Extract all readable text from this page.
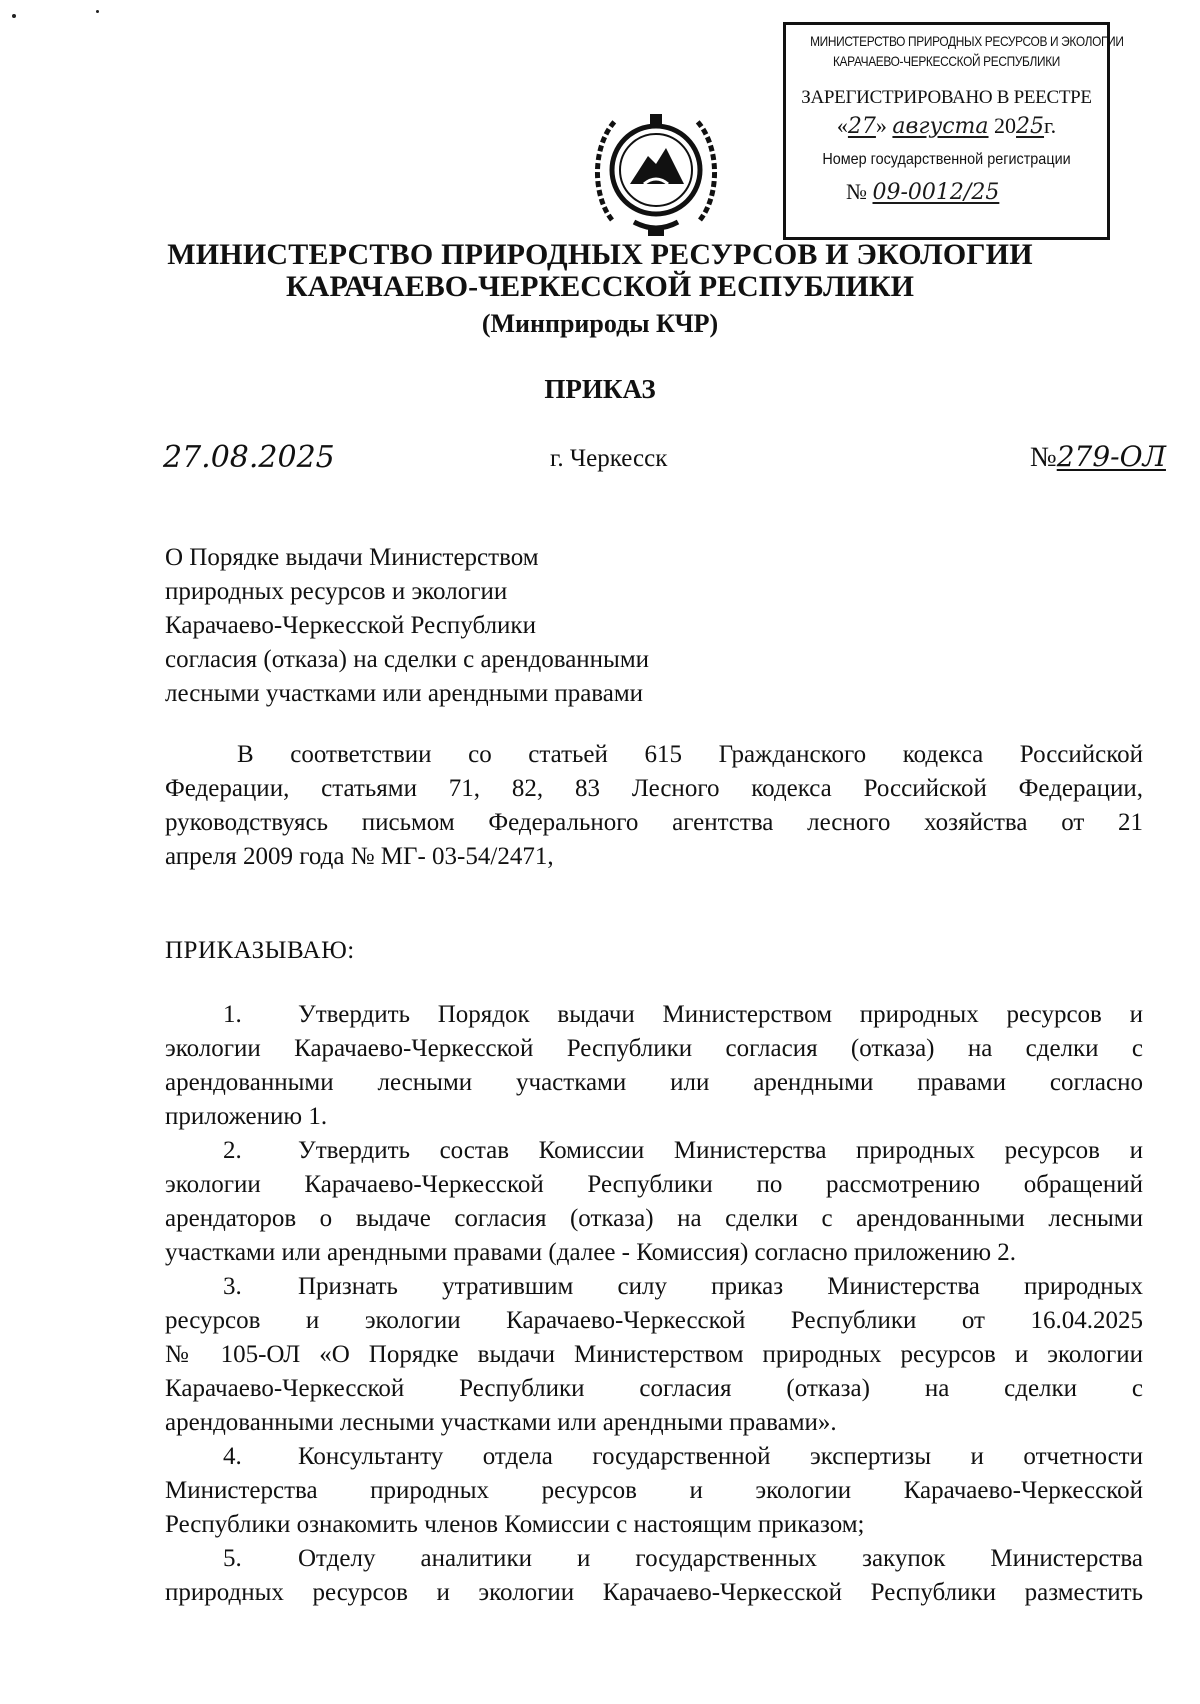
МИНИСТЕРСТВО ПРИРОДНЫХ РЕСУРСОВ И ЭКОЛОГИИ
КАРАЧАЕВО-ЧЕРКЕССКОЙ РЕСПУБЛИКИ
ЗАРЕГИСТРИРОВАНО В РЕЕСТРЕ
«27» августа 2025г.
Номер государственной регистрации
№ 09-0012/25
МИНИСТЕРСТВО ПРИРОДНЫХ РЕСУРСОВ И ЭКОЛОГИИ
КАРАЧАЕВО-ЧЕРКЕССКОЙ РЕСПУБЛИКИ
(Минприроды КЧР)
ПРИКАЗ
27.08.2025	г. Черкесск	№279-ОЛ
О Порядке выдачи Министерством
природных ресурсов и экологии
Карачаево-Черкесской Республики
согласия (отказа) на сделки с арендованными
лесными участками или арендными правами
В соответствии со статьей 615 Гражданского кодекса Российской
Федерации, статьями 71, 82, 83 Лесного кодекса Российской Федерации,
руководствуясь письмом Федерального агентства лесного хозяйства от 21
апреля 2009 года № МГ- 03-54/2471,
ПРИКАЗЫВАЮ:
1. Утвердить Порядок выдачи Министерством природных ресурсов и
экологии Карачаево-Черкесской Республики согласия (отказа) на сделки с
арендованными лесными участками или арендными правами согласно
приложению 1.
2. Утвердить состав Комиссии Министерства природных ресурсов и
экологии Карачаево-Черкесской Республики по рассмотрению обращений
арендаторов о выдаче согласия (отказа) на сделки с арендованными лесными
участками или арендными правами (далее - Комиссия) согласно приложению 2.
3. Признать утратившим силу приказ Министерства природных
ресурсов и экологии Карачаево-Черкесской Республики от 16.04.2025
№ 105-ОЛ «О Порядке выдачи Министерством природных ресурсов и экологии
Карачаево-Черкесской Республики согласия (отказа) на сделки с
арендованными лесными участками или арендными правами».
4. Консультанту отдела государственной экспертизы и отчетности
Министерства природных ресурсов и экологии Карачаево-Черкесской
Республики ознакомить членов Комиссии с настоящим приказом;
5. Отделу аналитики и государственных закупок Министерства
природных ресурсов и экологии Карачаево-Черкесской Республики разместить
